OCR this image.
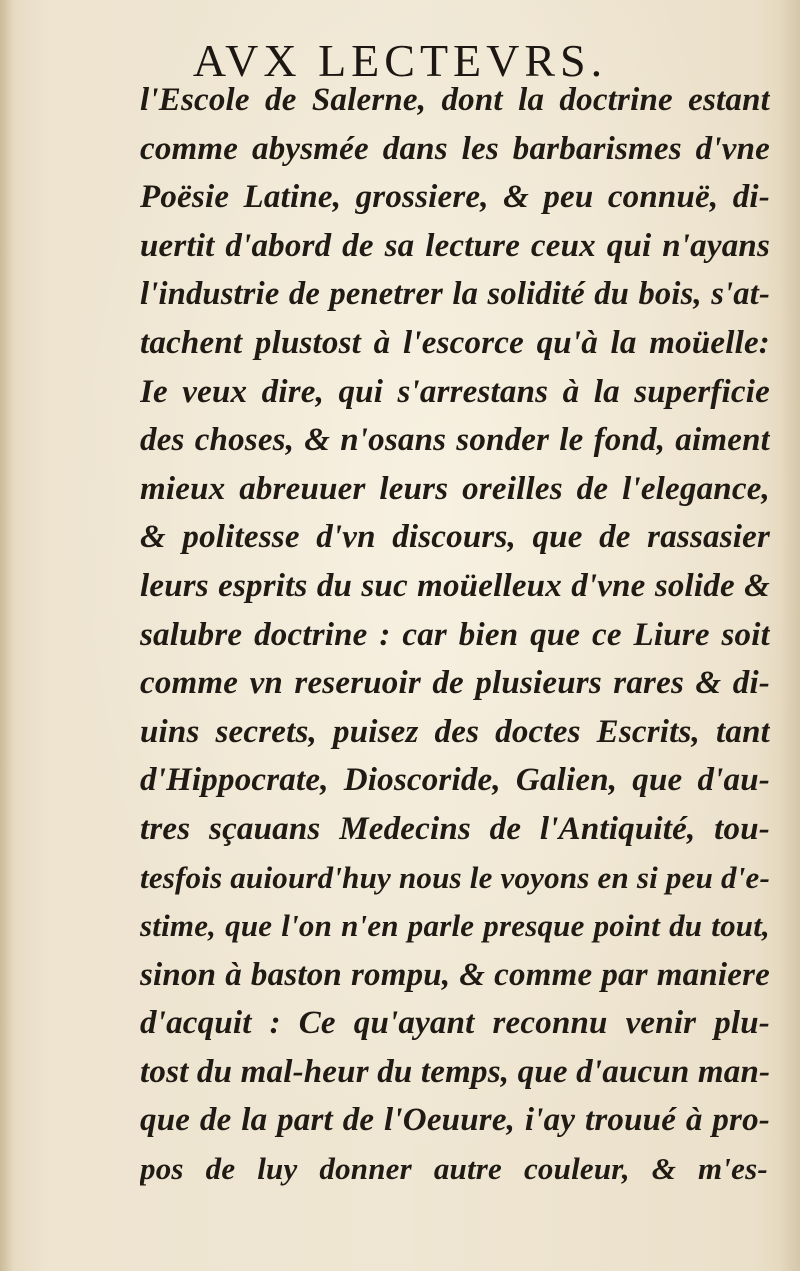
AVX LECTEVRS.
l'Escole de Salerne, dont la doctrine estant
comme abysmée dans les barbarismes d'vne
Poësie Latine, grossiere, & peu connuë, di-
uertit d'abord de sa lecture ceux qui n'ayans
l'industrie de penetrer la solidité du bois, s'at-
tachent plustost à l'escorce qu'à la moüelle:
Ie veux dire, qui s'arrestans à la superficie
des choses, & n'osans sonder le fond, aiment
mieux abreuuer leurs oreilles de l'elegance,
& politesse d'vn discours, que de rassasier
leurs esprits du suc moüelleux d'vne solide &
salubre doctrine : car bien que ce Liure soit
comme vn reseruoir de plusieurs rares & di-
uins secrets, puisez des doctes Escrits, tant
d'Hippocrate, Dioscoride, Galien, que d'au-
tres sçauans Medecins de l'Antiquité, tou-
tesfois auiourd'huy nous le voyons en si peu d'e-
stime, que l'on n'en parle presque point du tout,
sinon à baston rompu, & comme par maniere
d'acquit : Ce qu'ayant reconnu venir plu-
tost du mal-heur du temps, que d'aucun man-
que de la part de l'Oeuure, i'ay trouué à pro-
pos de luy donner autre couleur, & m'es-
